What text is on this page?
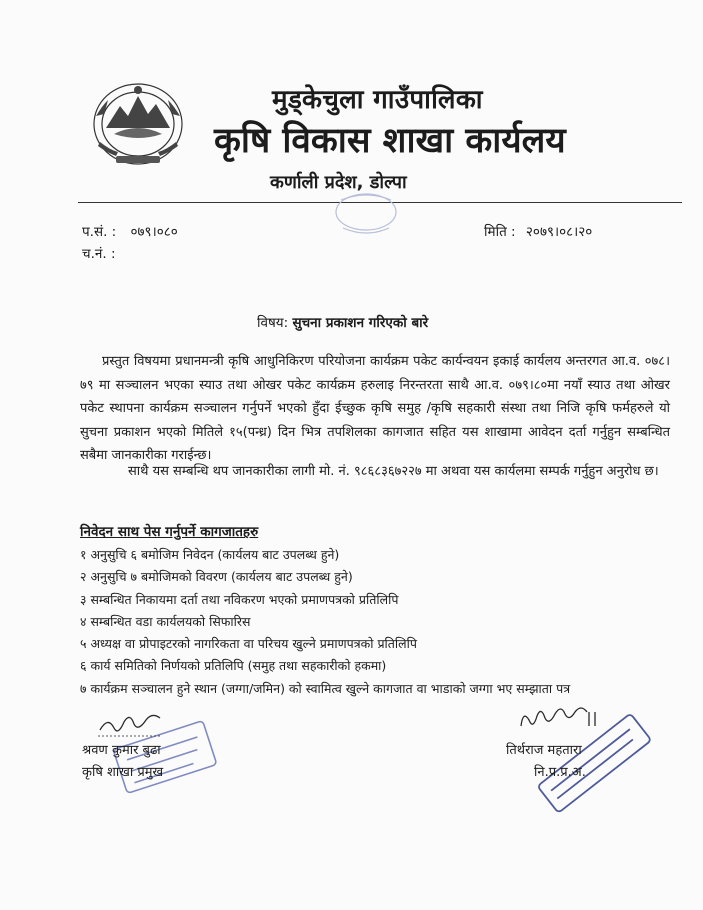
मुड्केचुला गाउँपालिका
कृषि विकास शाखा कार्यलय
कर्णाली प्रदेश, डोल्पा
प.सं. : ०७९।०८०
च.नं. :
मिति : २०७९।०८।२०
विषय: सुचना प्रकाशन गरिएको बारे
प्रस्तुत विषयमा प्रधानमन्त्री कृषि आधुनिकिरण परियोजना कार्यक्रम पकेट कार्यन्वयन इकाई कार्यलय अन्तरगत आ.व. ०७८।७९ मा सञ्चालन भएका स्याउ तथा ओखर पकेट कार्यक्रम हरुलाइ निरन्तरता साथै आ.व. ०७९।८०मा नयाँ स्याउ तथा ओखर पकेट स्थापना कार्यक्रम सञ्चालन गर्नुपर्ने भएको हुँदा ईच्छुक कृषि समुह /कृषि सहकारी संस्था तथा निजि कृषि फर्महरुले यो सुचना प्रकाशन भएको मितिले १५(पन्ध्र) दिन भित्र तपशिलका कागजात सहित यस शाखामा आवेदन दर्ता गर्नुहुन सम्बन्धित सबैमा जानकारीका गराईन्छ।
साथै यस सम्बन्धि थप जानकारीका लागी मो. नं. ९८६८३६७२२७ मा अथवा यस कार्यलमा सम्पर्क गर्नुहुन अनुरोध छ।
निवेदन साथ पेस गर्नुपर्ने कागजातहरु
१ अनुसुचि ६ बमोजिम निवेदन (कार्यलय बाट उपलब्ध हुने)
२ अनुसुचि ७ बमोजिमको विवरण (कार्यलय बाट उपलब्ध हुने)
३ सम्बन्धित निकायमा दर्ता तथा नविकरण भएको प्रमाणपत्रको प्रतिलिपि
४ सम्बन्धित वडा कार्यलयको सिफारिस
५ अध्यक्ष वा प्रोपाइटरको नागरिकता वा परिचय खुल्ने प्रमाणपत्रको प्रतिलिपि
६ कार्य समितिको निर्णयको प्रतिलिपि (समुह तथा सहकारीको हकमा)
७ कार्यक्रम सञ्चालन हुने स्थान (जग्गा/जमिन) को स्वामित्व खुल्ने कागजात वा भाडाको जग्गा भए सम्झाता पत्र
श्रवण कुमार बुढा
कृषि शाखा प्रमुख
तिर्थराज महतारा
नि.प्र.प्र.अ.
